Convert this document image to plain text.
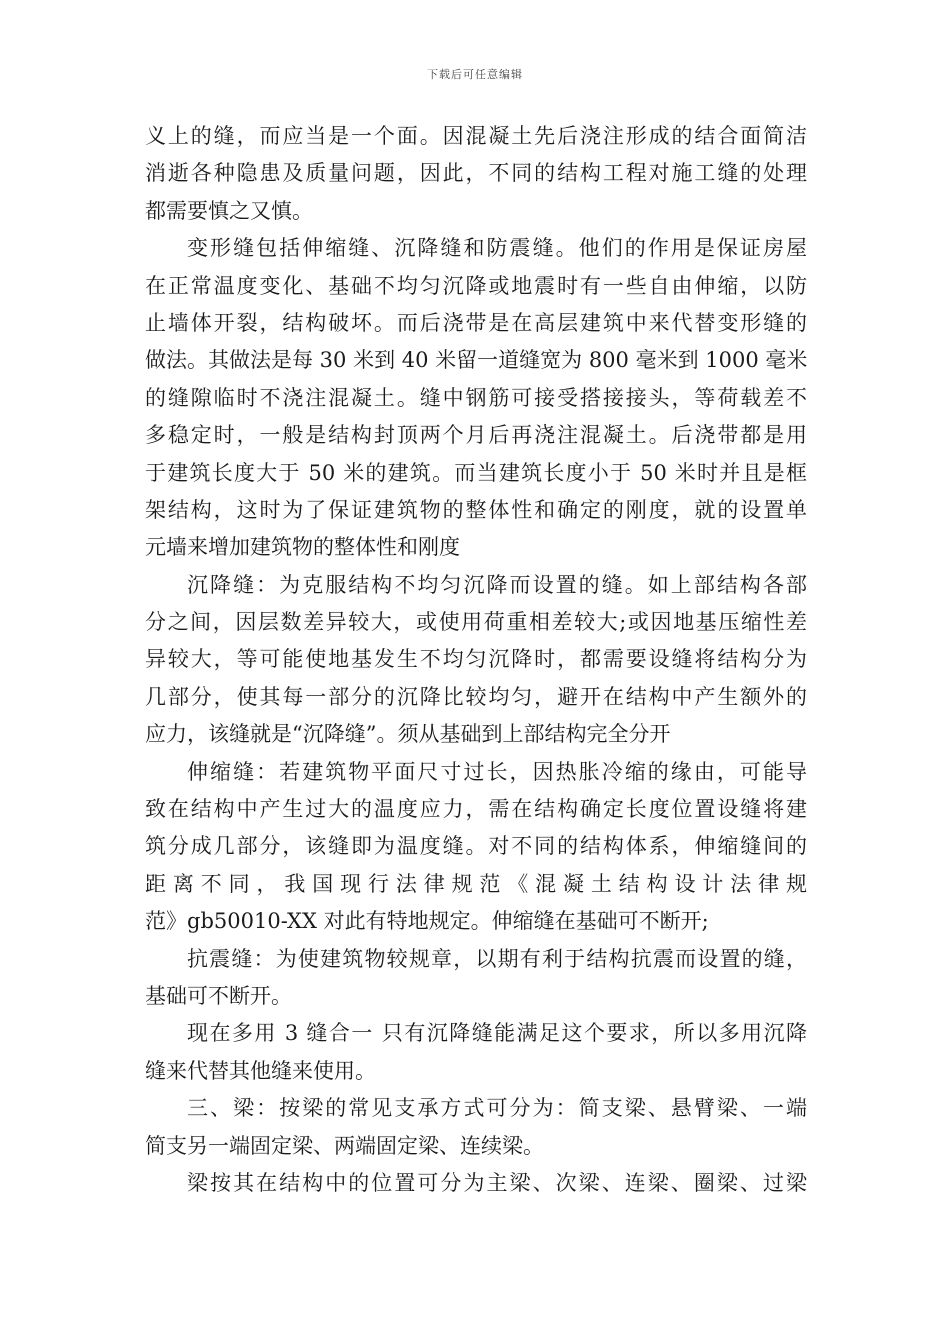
下载后可任意编辑
义上的缝，而应当是一个面。因混凝土先后浇注形成的结合面简洁
消逝各种隐患及质量问题，因此，不同的结构工程对施工缝的处理
都需要慎之又慎。
变形缝包括伸缩缝、沉降缝和防震缝。他们的作用是保证房屋
在正常温度变化、基础不均匀沉降或地震时有一些自由伸缩，以防
止墙体开裂，结构破坏。而后浇带是在高层建筑中来代替变形缝的
做法。其做法是每 30 米到 40 米留一道缝宽为 800 毫米到 1000 毫米
的缝隙临时不浇注混凝土。缝中钢筋可接受搭接接头，等荷载差不
多稳定时，一般是结构封顶两个月后再浇注混凝土。后浇带都是用
于建筑长度大于 50 米的建筑。而当建筑长度小于 50 米时并且是框
架结构，这时为了保证建筑物的整体性和确定的刚度，就的设置单
元墙来增加建筑物的整体性和刚度
沉降缝：为克服结构不均匀沉降而设置的缝。如上部结构各部
分之间，因层数差异较大，或使用荷重相差较大;或因地基压缩性差
异较大，等可能使地基发生不均匀沉降时，都需要设缝将结构分为
几部分，使其每一部分的沉降比较均匀，避开在结构中产生额外的
应力，该缝就是“沉降缝”。须从基础到上部结构完全分开
伸缩缝：若建筑物平面尺寸过长，因热胀冷缩的缘由，可能导
致在结构中产生过大的温度应力，需在结构确定长度位置设缝将建
筑分成几部分，该缝即为温度缝。对不同的结构体系，伸缩缝间的
距离不同，我国现行法律规范《混凝土结构设计法律规
范》gb50010-XX 对此有特地规定。伸缩缝在基础可不断开;
抗震缝：为使建筑物较规章，以期有利于结构抗震而设置的缝，
基础可不断开。
现在多用 3 缝合一 只有沉降缝能满足这个要求，所以多用沉降
缝来代替其他缝来使用。
三、梁：按梁的常见支承方式可分为：简支梁、悬臂梁、一端
简支另一端固定梁、两端固定梁、连续梁。
梁按其在结构中的位置可分为主梁、次梁、连梁、圈梁、过梁
